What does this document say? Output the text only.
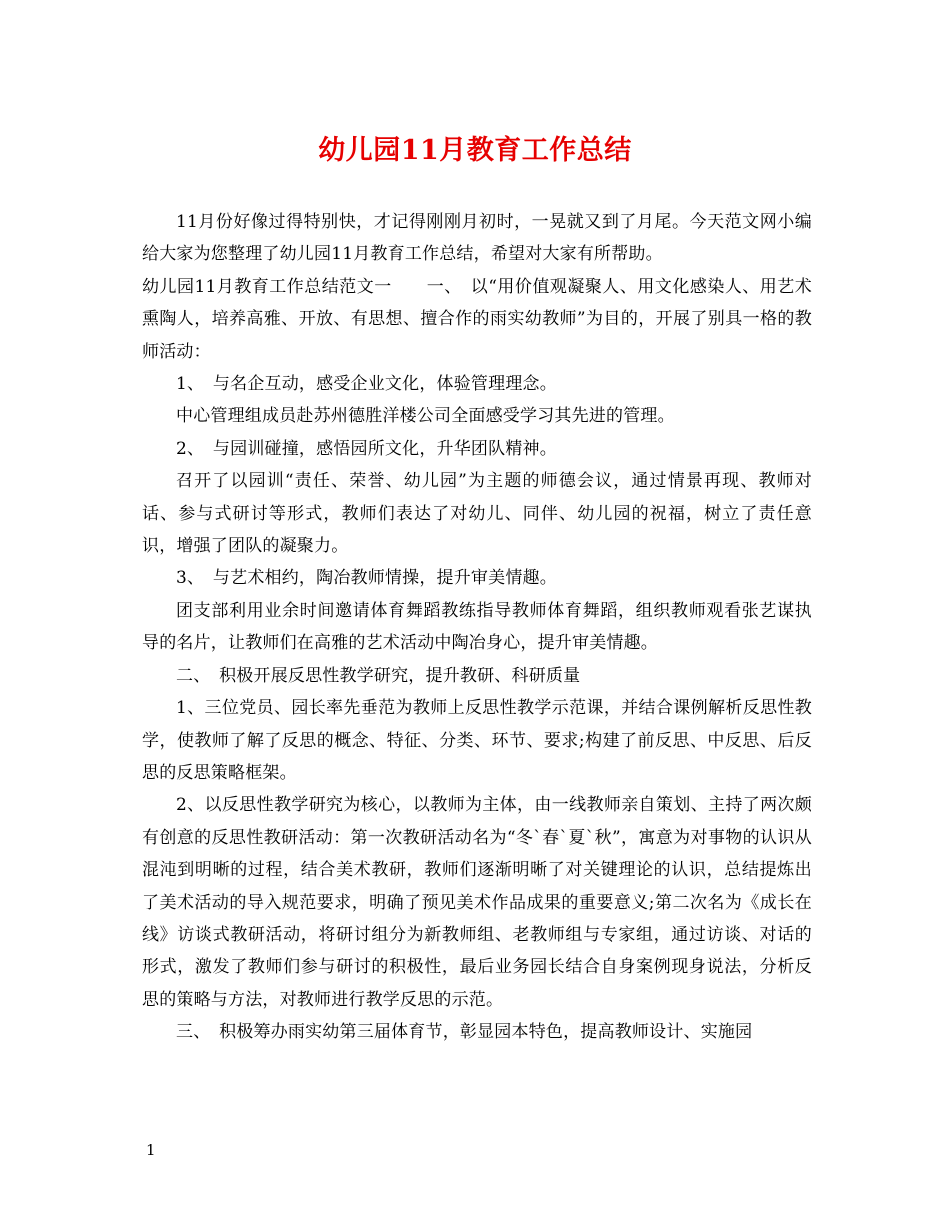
幼儿园11月教育工作总结

11月份好像过得特别快，才记得刚刚月初时，一晃就又到了月尾。今天范文网小编给大家为您整理了幼儿园11月教育工作总结，希望对大家有所帮助。

幼儿园11月教育工作总结范文一　　一、　以“用价值观凝聚人、用文化感染人、用艺术熏陶人，培养高雅、开放、有思想、擅合作的雨实幼教师”为目的，开展了别具一格的教师活动：

1、　与名企互动，感受企业文化，体验管理理念。

中心管理组成员赴苏州德胜洋楼公司全面感受学习其先进的管理。

2、　与园训碰撞，感悟园所文化，升华团队精神。

召开了以园训“责任、荣誉、幼儿园”为主题的师德会议，通过情景再现、教师对话、参与式研讨等形式，教师们表达了对幼儿、同伴、幼儿园的祝福，树立了责任意识，增强了团队的凝聚力。

3、　与艺术相约，陶冶教师情操，提升审美情趣。

团支部利用业余时间邀请体育舞蹈教练指导教师体育舞蹈，组织教师观看张艺谋执导的名片，让教师们在高雅的艺术活动中陶冶身心，提升审美情趣。

二、　积极开展反思性教学研究，提升教研、科研质量

1、三位党员、园长率先垂范为教师上反思性教学示范课，并结合课例解析反思性教学，使教师了解了反思的概念、特征、分类、环节、要求;构建了前反思、中反思、后反思的反思策略框架。

2、以反思性教学研究为核心，以教师为主体，由一线教师亲自策划、主持了两次颇有创意的反思性教研活动：第一次教研活动名为“冬`春`夏`秋”，寓意为对事物的认识从混沌到明晰的过程，结合美术教研，教师们逐渐明晰了对关键理论的认识，总结提炼出了美术活动的导入规范要求，明确了预见美术作品成果的重要意义;第二次名为《成长在线》访谈式教研活动，将研讨组分为新教师组、老教师组与专家组，通过访谈、对话的形式，激发了教师们参与研讨的积极性，最后业务园长结合自身案例现身说法，分析反思的策略与方法，对教师进行教学反思的示范。

三、　积极筹办雨实幼第三届体育节，彰显园本特色，提高教师设计、实施园

1
